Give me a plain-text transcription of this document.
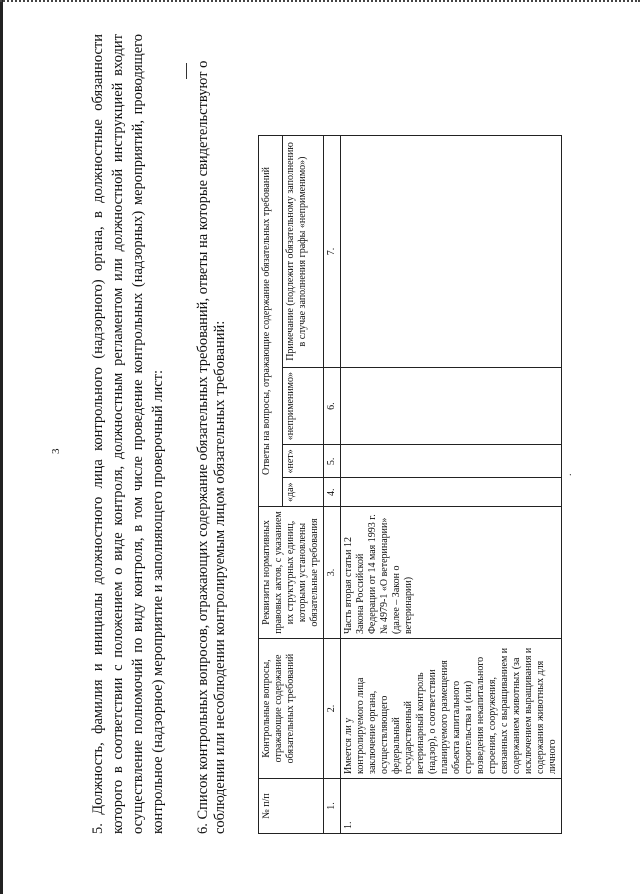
3 5. Должность, фамилия и инициалы должностного лица контрольного (надзорного) органа, в должностные обязанности которого в соответствии с положением о виде контроля, должностным регламентом или должностной инструкцией входит осуществление полномочий по виду контроля, в том числе проведение контрольных (надзорных) мероприятий, проводящего контрольное (надзорное) мероприятие и заполняющего проверочный лист: 6. Список контрольных вопросов, отражающих содержание обязательных требований, ответы на которые свидетельствуют о соблюдении или несоблюдении контролируемым лицом обязательных требований:	№ п/п	Контрольные вопросы, отражающие содержание обязательных требований	Реквизиты нормативных правовых актов, с указанием их структурных единиц, которыми установлены обязательные требования	Ответы на вопросы, отражающие содержание обязательных требований			
			«да»	«нет»	«неприменимо»	Примечание (подлежит обязательному заполнению в случае заполнения графы «неприменимо»)
1.	2.	3.	4.	5.	6.	7.
1.	Имеется ли у контролируемого лица заключение органа, осуществляющего федеральный государственный ветеринарный контроль (надзор), о соответствии планируемого размещения объекта капитального строительства и (или) возведения некапитального строения, сооружения, связанных с выращиванием и содержанием животных (за исключением выращивания и содержания животных для личного	Часть вторая статьи 12 Закона Российской Федерации от 14 мая 1993 г. № 4979-1 «О ветеринарии» (далее – Закон о ветеринарии)				
.
